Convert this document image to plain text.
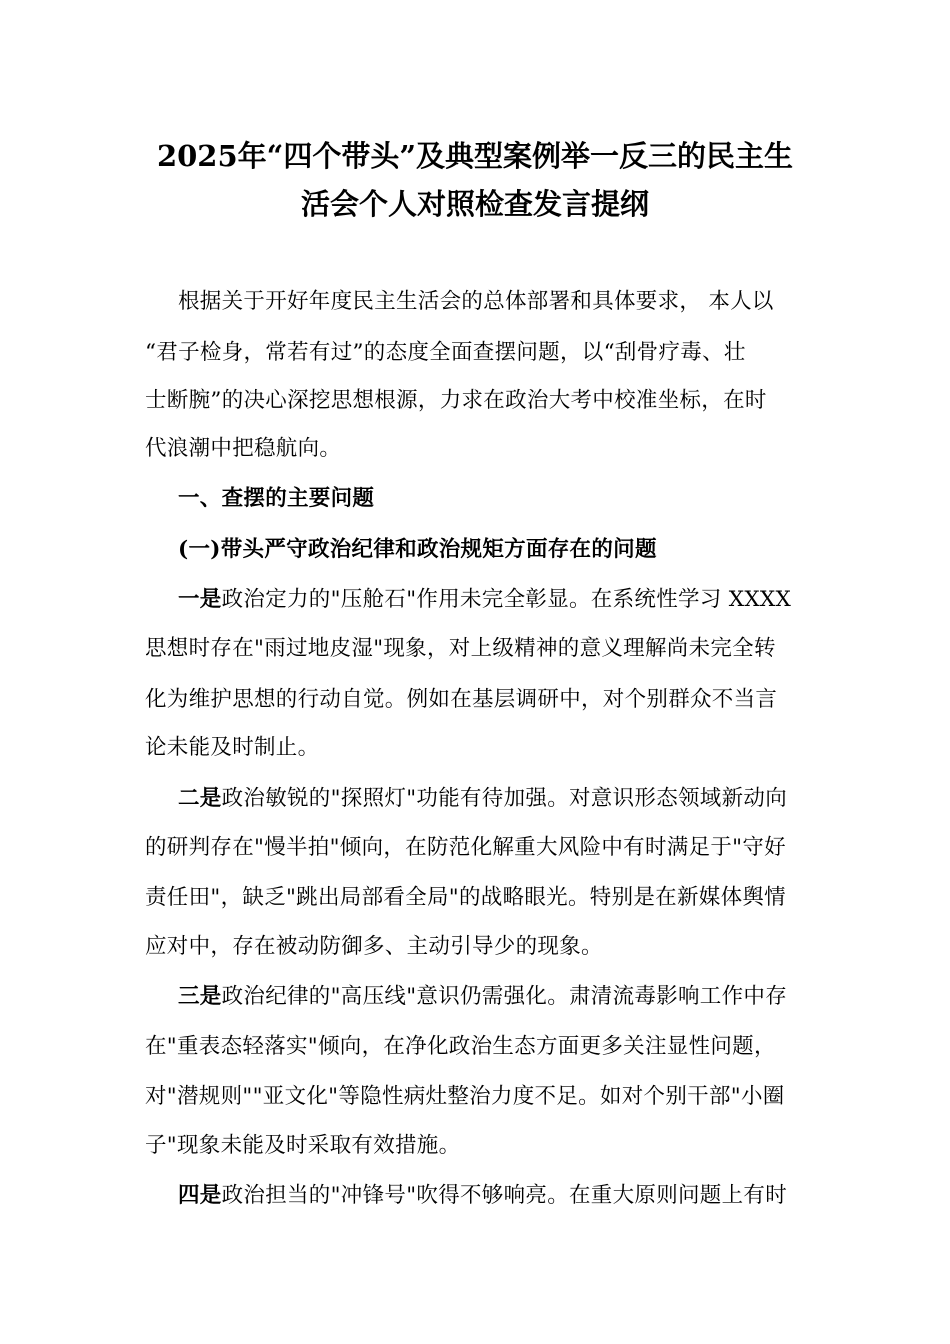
2025年“四个带头”及典型案例举一反三的民主生
活会个人对照检查发言提纲
根据关于开好年度民主生活会的总体部署和具体要求， 本人以
“君子检身，常若有过”的态度全面查摆问题，以“刮骨疗毒、壮
士断腕”的决心深挖思想根源，力求在政治大考中校准坐标，在时
代浪潮中把稳航向。
一、查摆的主要问题
(一)带头严守政治纪律和政治规矩方面存在的问题
一是政治定力的"压舱石"作用未完全彰显。在系统性学习 XXXX
思想时存在"雨过地皮湿"现象，对上级精神的意义理解尚未完全转
化为维护思想的行动自觉。例如在基层调研中，对个别群众不当言
论未能及时制止。
二是政治敏锐的"探照灯"功能有待加强。对意识形态领域新动向
的研判存在"慢半拍"倾向，在防范化解重大风险中有时满足于"守好
责任田"，缺乏"跳出局部看全局"的战略眼光。特别是在新媒体舆情
应对中，存在被动防御多、主动引导少的现象。
三是政治纪律的"高压线"意识仍需强化。肃清流毒影响工作中存
在"重表态轻落实"倾向，在净化政治生态方面更多关注显性问题，
对"潜规则""亚文化"等隐性病灶整治力度不足。如对个别干部"小圈
子"现象未能及时采取有效措施。
四是政治担当的"冲锋号"吹得不够响亮。在重大原则问题上有时
